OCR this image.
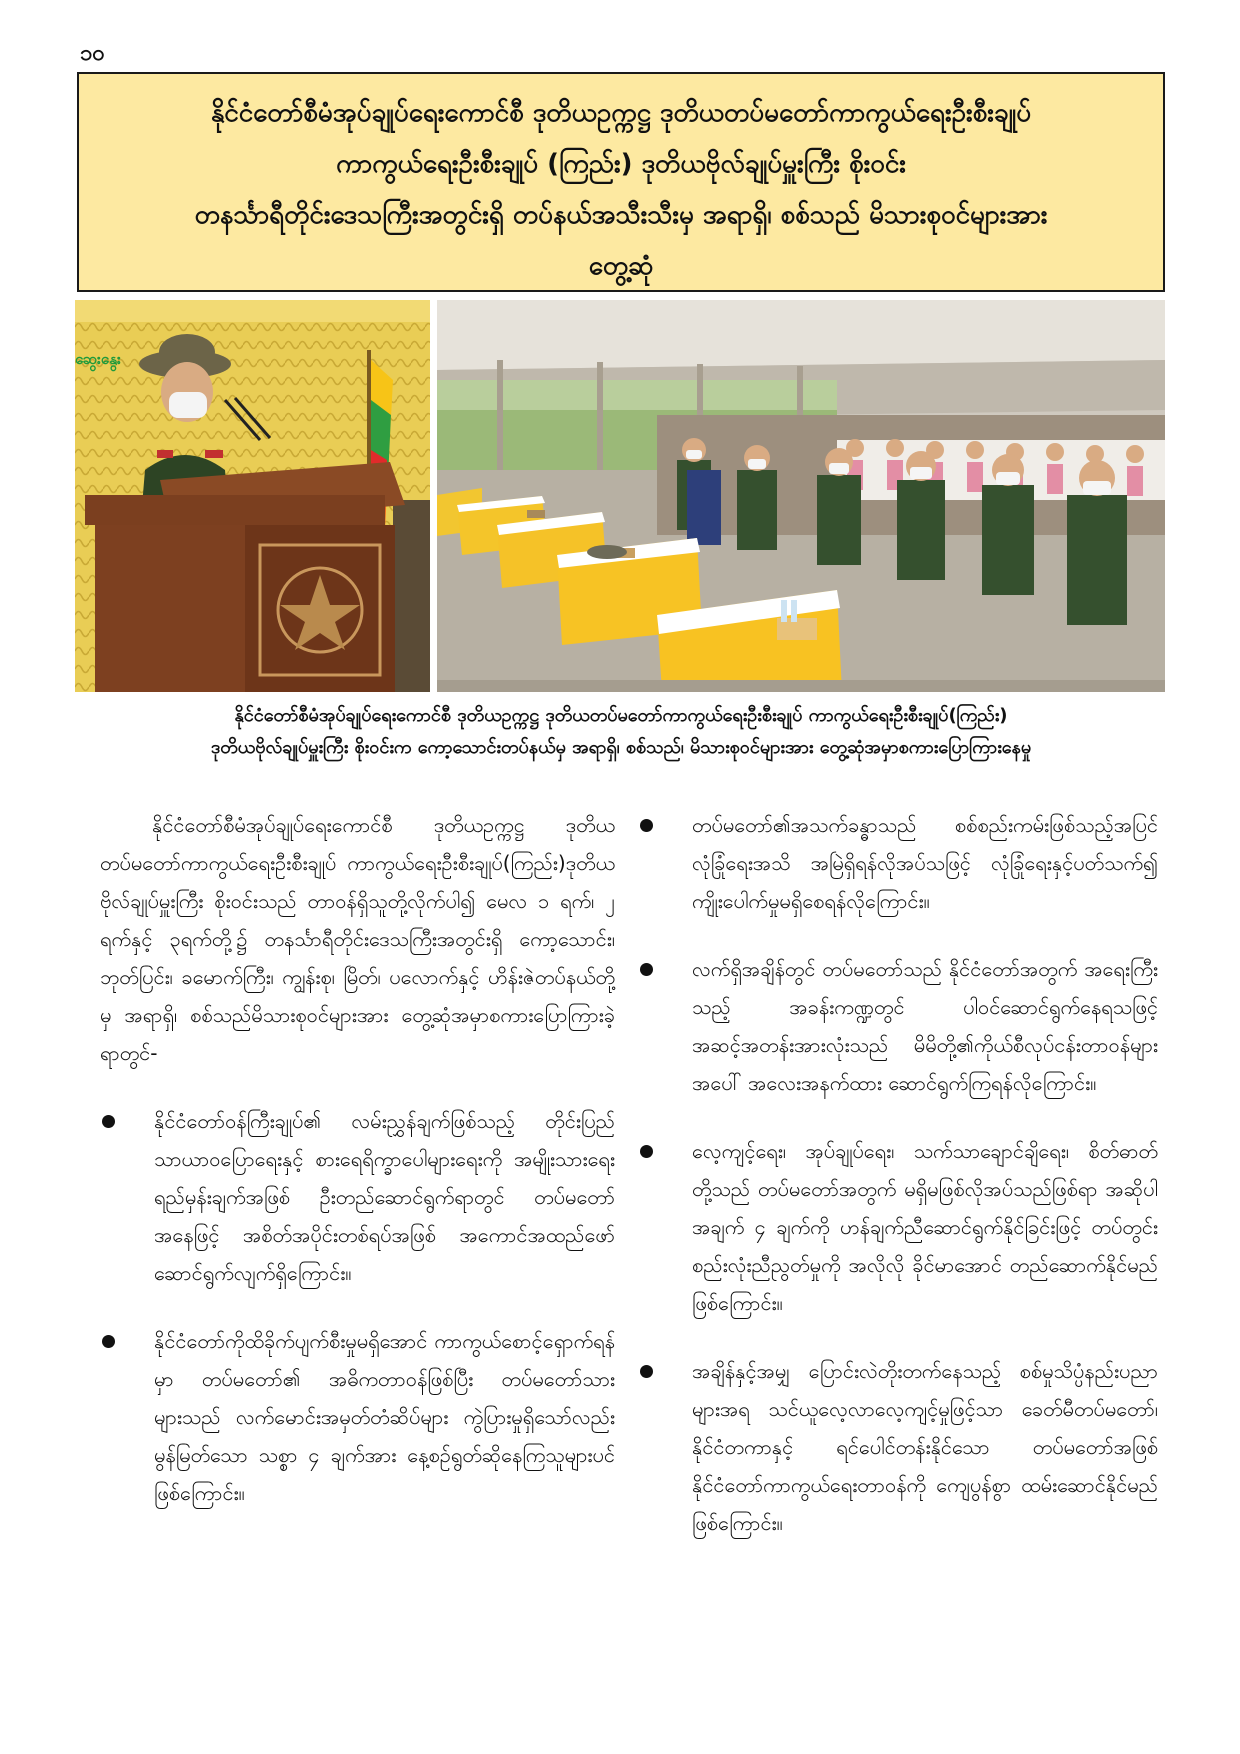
၁၀
နိုင်ငံတော်စီမံအုပ်ချုပ်ရေးကောင်စီ ဒုတိယဥက္ကဋ္ဌ ဒုတိယတပ်မတော်ကာကွယ်ရေးဦးစီးချုပ်
ကာကွယ်ရေးဦးစီးချုပ် (ကြည်း) ဒုတိယဗိုလ်ချုပ်မှူးကြီး စိုးဝင်း
တနင်္သာရီတိုင်းဒေသကြီးအတွင်းရှိ တပ်နယ်အသီးသီးမှ အရာရှိ၊ စစ်သည် မိသားစုဝင်များအား
တွေ့ဆုံ
ဆွေးနွေး
နိုင်ငံတော်စီမံအုပ်ချုပ်ရေးကောင်စီ ဒုတိယဥက္ကဋ္ဌ ဒုတိယတပ်မတော်ကာကွယ်ရေးဦးစီးချုပ် ကာကွယ်ရေးဦးစီးချုပ်(ကြည်း)
ဒုတိယဗိုလ်ချုပ်မှူးကြီး စိုးဝင်းက ကော့သောင်းတပ်နယ်မှ အရာရှိ၊ စစ်သည်၊ မိသားစုဝင်များအား တွေ့ဆုံအမှာစကားပြောကြားနေမှု

နိုင်ငံတော်စီမံအုပ်ချုပ်ရေးကောင်စီ ဒုတိယဥက္ကဋ္ဌ ဒုတိယတပ်မတော်ကာကွယ်ရေးဦးစီးချုပ် ကာကွယ်ရေးဦးစီးချုပ်(ကြည်း)ဒုတိယဗိုလ်ချုပ်မှူးကြီး စိုးဝင်းသည် တာဝန်ရှိသူတို့လိုက်ပါ၍ မေလ ၁ ရက်၊ ၂ ရက်နှင့် ၃ရက်တို့၌ တနင်္သာရီတိုင်းဒေသကြီးအတွင်းရှိ ကော့သောင်း၊ ဘုတ်ပြင်း၊ ခမောက်ကြီး၊ ကျွန်းစု၊ မြိတ်၊ ပလောက်နှင့် ဟိန်းဇဲတပ်နယ်တို့မှ အရာရှိ၊ စစ်သည်မိသားစုဝင်များအား တွေ့ဆုံအမှာစကားပြောကြားခဲ့ရာတွင်-

နိုင်ငံတော်ဝန်ကြီးချုပ်၏ လမ်းညွှန်ချက်ဖြစ်သည့် တိုင်းပြည်သာယာဝပြောရေးနှင့် စားရေရိက္ခာပေါများရေးကို အမျိုးသားရေးရည်မှန်းချက်အဖြစ် ဦးတည်ဆောင်ရွက်ရာတွင် တပ်မတော်အနေဖြင့် အစိတ်အပိုင်းတစ်ရပ်အဖြစ် အကောင်အထည်ဖော် ဆောင်ရွက်လျက်ရှိကြောင်း။
နိုင်ငံတော်ကိုထိခိုက်ပျက်စီးမှုမရှိအောင် ကာကွယ်စောင့်ရှောက်ရန်မှာ တပ်မတော်၏ အဓိကတာဝန်ဖြစ်ပြီး တပ်မတော်သားများသည် လက်မောင်းအမှတ်တံဆိပ်များ ကွဲပြားမှုရှိသော်လည်း မွန်မြတ်သော သစ္စာ ၄ ချက်အား နေ့စဉ်ရွတ်ဆိုနေကြသူများပင်ဖြစ်ကြောင်း။
တပ်မတော်၏အသက်ခန္ဓာသည် စစ်စည်းကမ်းဖြစ်သည့်အပြင် လုံခြုံရေးအသိ အမြဲရှိရန်လိုအပ်သဖြင့် လုံခြုံရေးနှင့်ပတ်သက်၍ ကျိုးပေါက်မှုမရှိစေရန်လိုကြောင်း။
လက်ရှိအချိန်တွင် တပ်မတော်သည် နိုင်ငံတော်အတွက် အရေးကြီးသည့် အခန်းကဏ္ဍတွင် ပါဝင်ဆောင်ရွက်နေရသဖြင့် အဆင့်အတန်းအားလုံးသည် မိမိတို့၏ကိုယ်စီလုပ်ငန်းတာဝန်များအပေါ် အလေးအနက်ထား ဆောင်ရွက်ကြရန်လိုကြောင်း။
လေ့ကျင့်ရေး၊ အုပ်ချုပ်ရေး၊ သက်သာချောင်ချိရေး၊ စိတ်ဓာတ်တို့သည် တပ်မတော်အတွက် မရှိမဖြစ်လိုအပ်သည်ဖြစ်ရာ အဆိုပါအချက် ၄ ချက်ကို ဟန်ချက်ညီဆောင်ရွက်နိုင်ခြင်းဖြင့် တပ်တွင်းစည်းလုံးညီညွတ်မှုကို အလိုလို ခိုင်မာအောင် တည်ဆောက်နိုင်မည်ဖြစ်ကြောင်း။
အချိန်နှင့်အမျှ ပြောင်းလဲတိုးတက်နေသည့် စစ်မှုသိပ္ပံနည်းပညာများအရ သင်ယူလေ့လာလေ့ကျင့်မှုဖြင့်သာ ခေတ်မီတပ်မတော်၊ နိုင်ငံတကာနှင့် ရင်ပေါင်တန်းနိုင်သော တပ်မတော်အဖြစ် နိုင်ငံတော်ကာကွယ်ရေးတာဝန်ကို ကျေပွန်စွာ ထမ်းဆောင်နိုင်မည်ဖြစ်ကြောင်း။
